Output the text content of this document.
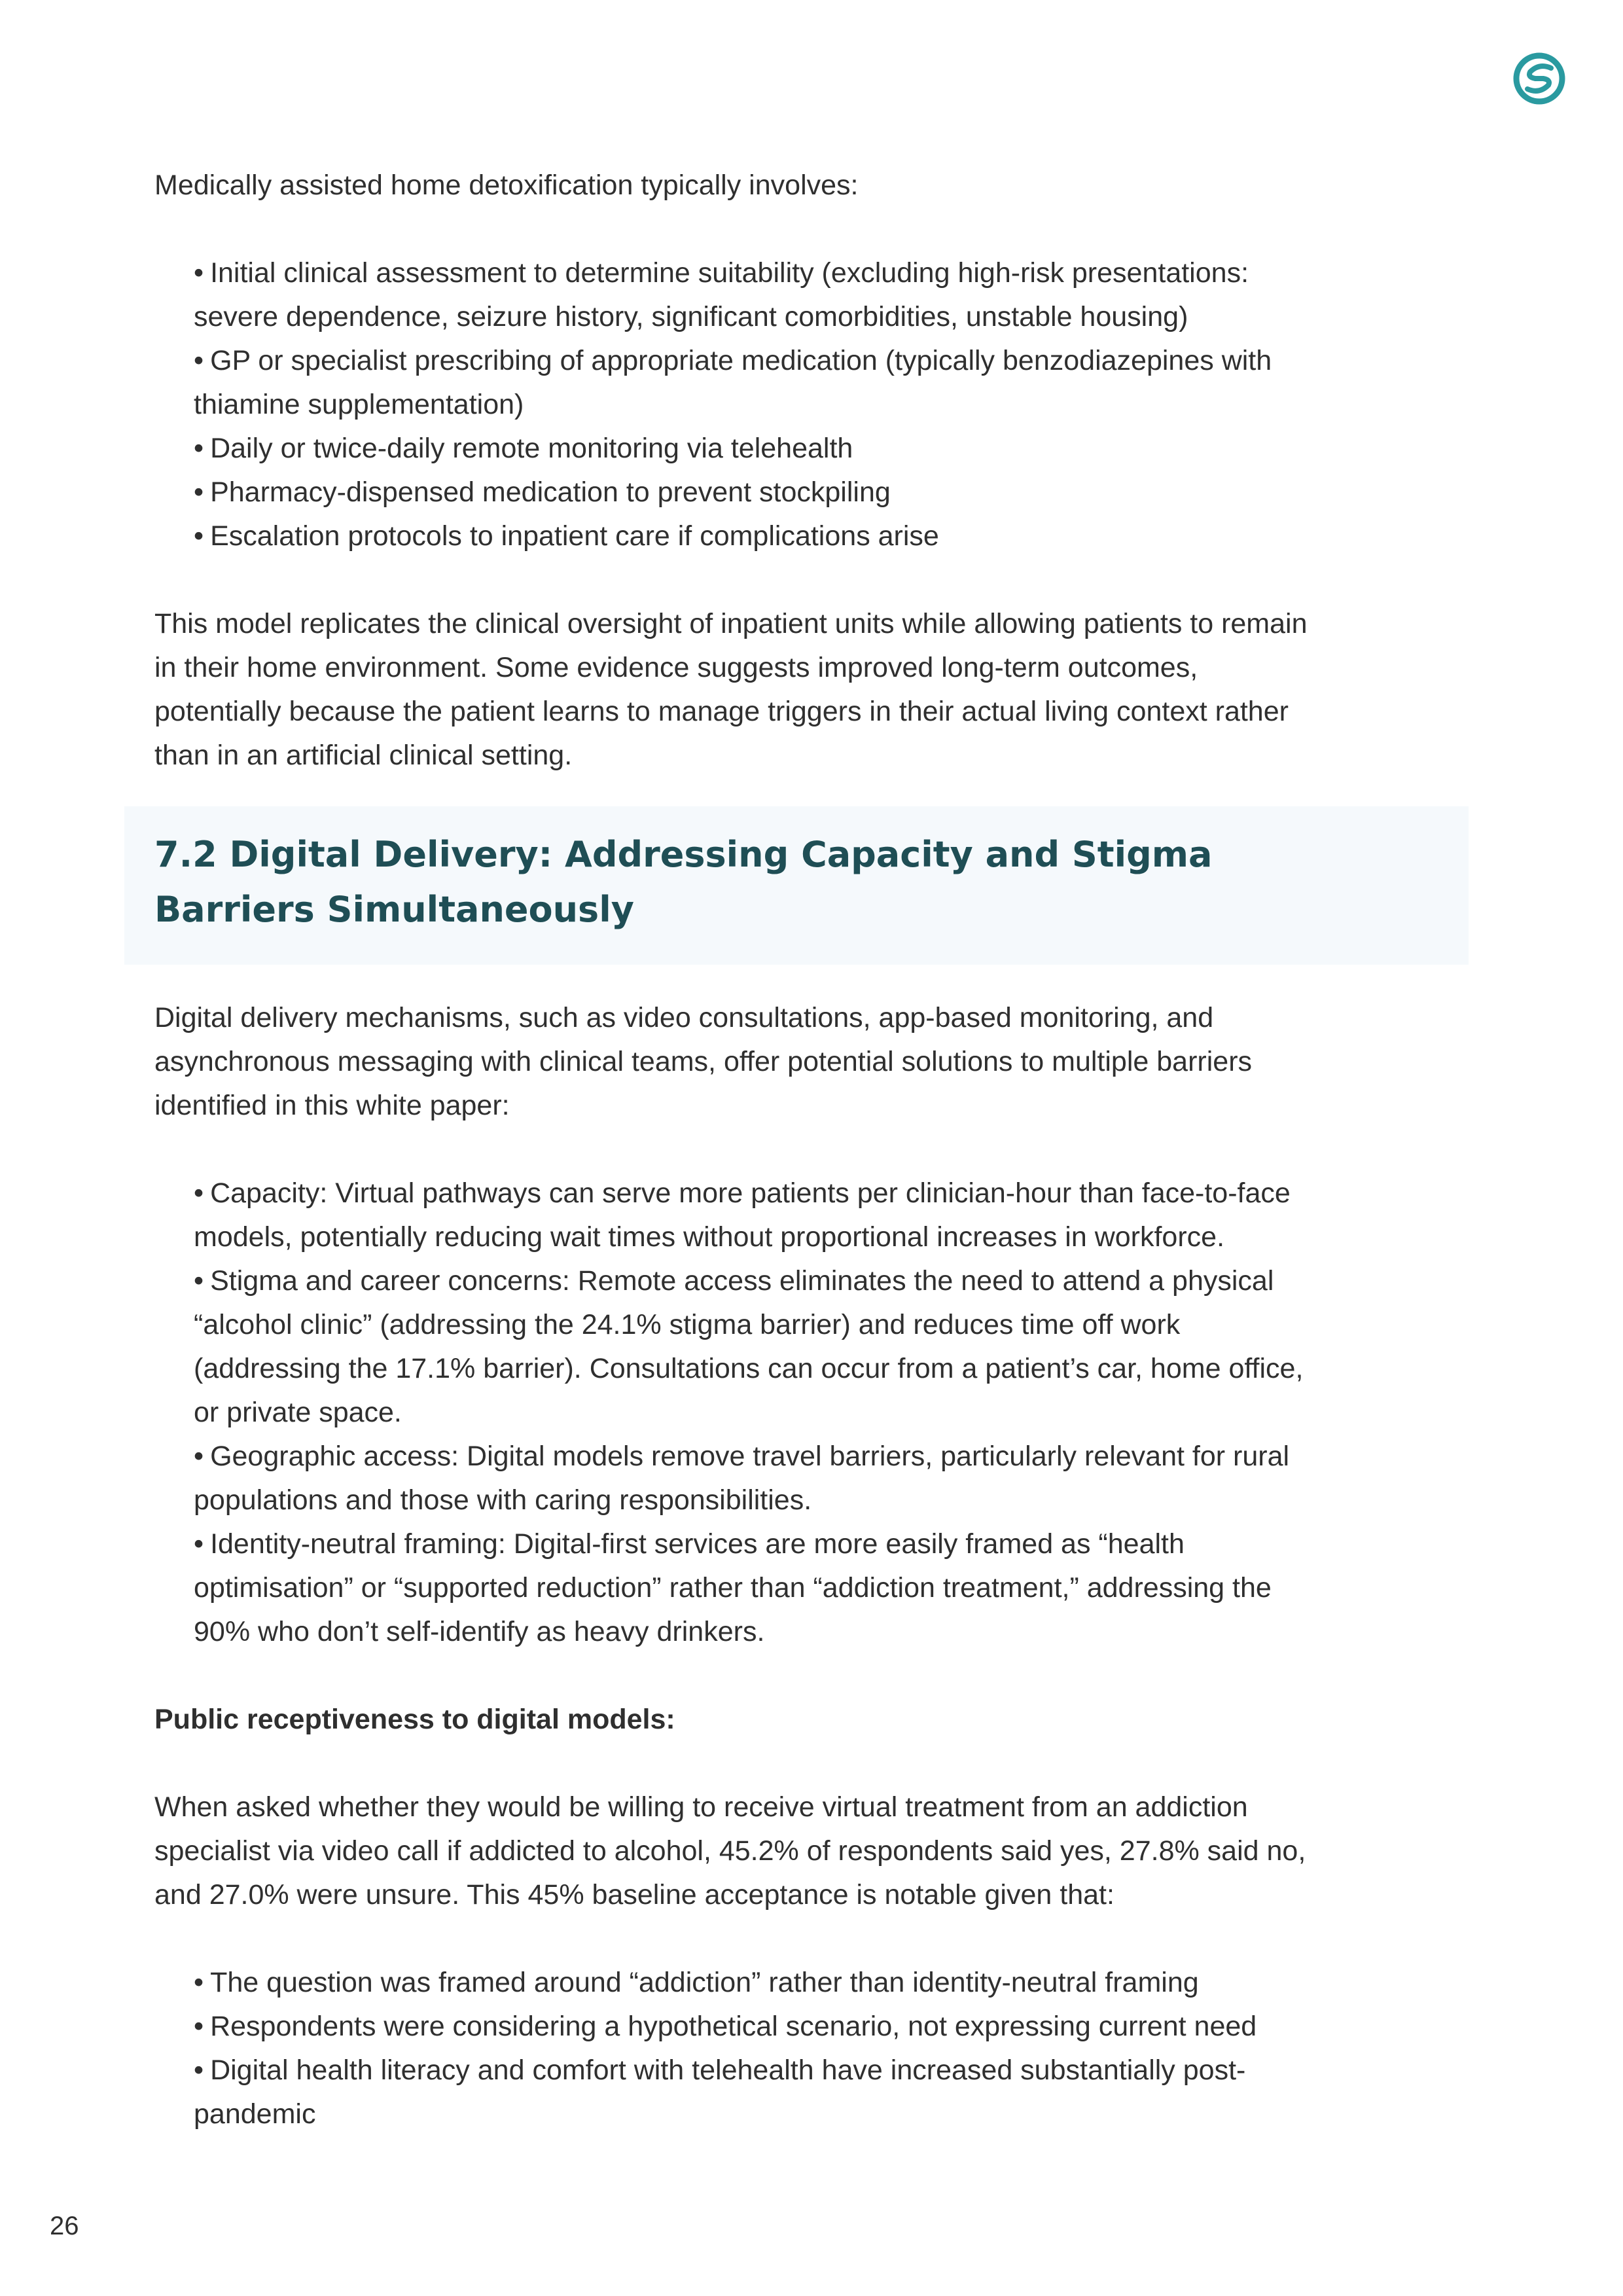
Medically assisted home detoxification typically involves:

• Initial clinical assessment to determine suitability (excluding high-risk presentations: severe dependence, seizure history, significant comorbidities, unstable housing)
• GP or specialist prescribing of appropriate medication (typically benzodiazepines with thiamine supplementation)
• Daily or twice-daily remote monitoring via telehealth
• Pharmacy-dispensed medication to prevent stockpiling
• Escalation protocols to inpatient care if complications arise

This model replicates the clinical oversight of inpatient units while allowing patients to remain in their home environment. Some evidence suggests improved long-term outcomes, potentially because the patient learns to manage triggers in their actual living context rather than in an artificial clinical setting.

7.2 Digital Delivery: Addressing Capacity and Stigma Barriers Simultaneously

Digital delivery mechanisms, such as video consultations, app-based monitoring, and asynchronous messaging with clinical teams, offer potential solutions to multiple barriers identified in this white paper:

• Capacity: Virtual pathways can serve more patients per clinician-hour than face-to-face models, potentially reducing wait times without proportional increases in workforce.
• Stigma and career concerns: Remote access eliminates the need to attend a physical “alcohol clinic” (addressing the 24.1% stigma barrier) and reduces time off work (addressing the 17.1% barrier). Consultations can occur from a patient’s car, home office, or private space.
• Geographic access: Digital models remove travel barriers, particularly relevant for rural populations and those with caring responsibilities.
• Identity-neutral framing: Digital-first services are more easily framed as “health optimisation” or “supported reduction” rather than “addiction treatment,” addressing the 90% who don’t self-identify as heavy drinkers.

Public receptiveness to digital models:

When asked whether they would be willing to receive virtual treatment from an addiction specialist via video call if addicted to alcohol, 45.2% of respondents said yes, 27.8% said no, and 27.0% were unsure. This 45% baseline acceptance is notable given that:

• The question was framed around “addiction” rather than identity-neutral framing
• Respondents were considering a hypothetical scenario, not expressing current need
• Digital health literacy and comfort with telehealth have increased substantially post-pandemic
26
